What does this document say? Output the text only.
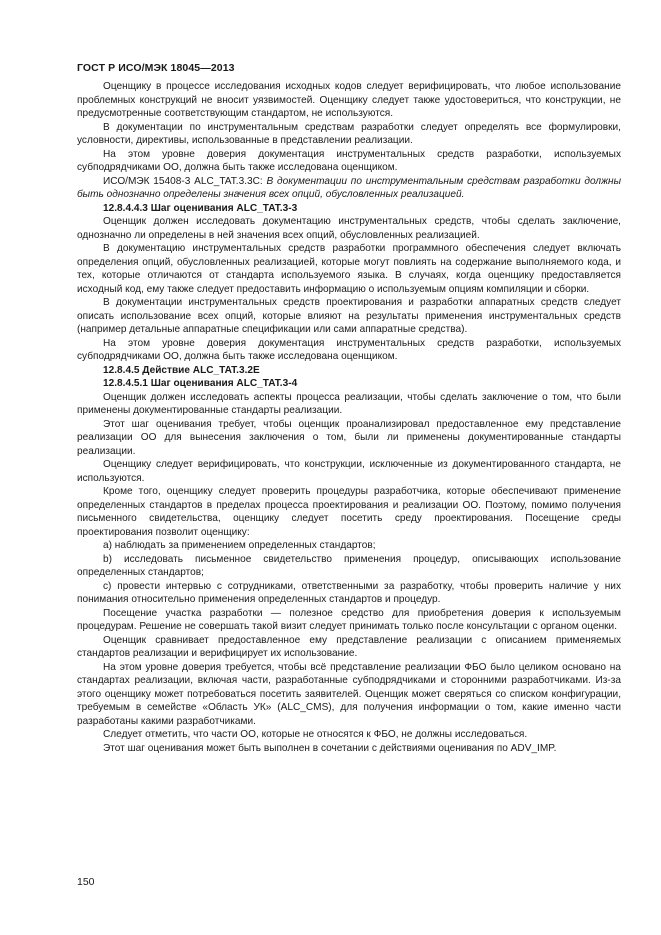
ГОСТ Р ИСО/МЭК 18045—2013

Оценщику в процессе исследования исходных кодов следует верифицировать, что любое использование проблемных конструкций не вносит уязвимостей. Оценщику следует также удостовериться, что конструкции, не предусмотренные соответствующим стандартом, не используются.

В документации по инструментальным средствам разработки следует определять все формулировки, условности, директивы, использованные в представлении реализации.

На этом уровне доверия документация инструментальных средств разработки, используемых субподрядчиками ОО, должна быть также исследована оценщиком.

ИСО/МЭК 15408-3 ALC_TAT.3.3C: В документации по инструментальным средствам разработки должны быть однозначно определены значения всех опций, обусловленных реализацией.

12.8.4.4.3 Шаг оценивания ALC_TAT.3-3

Оценщик должен исследовать документацию инструментальных средств, чтобы сделать заключение, однозначно ли определены в ней значения всех опций, обусловленных реализацией.

В документацию инструментальных средств разработки программного обеспечения следует включать определения опций, обусловленных реализацией, которые могут повлиять на содержание выполняемого кода, и тех, которые отличаются от стандарта используемого языка. В случаях, когда оценщику предоставляется исходный код, ему также следует предоставить информацию о используемым опциям компиляции и сборки.

В документации инструментальных средств проектирования и разработки аппаратных средств следует описать использование всех опций, которые влияют на результаты применения инструментальных средств (например детальные аппаратные спецификации или сами аппаратные средства).

На этом уровне доверия документация инструментальных средств разработки, используемых субподрядчиками ОО, должна быть также исследована оценщиком.

12.8.4.5 Действие ALC_TAT.3.2E

12.8.4.5.1 Шаг оценивания ALC_TAT.3-4

Оценщик должен исследовать аспекты процесса реализации, чтобы сделать заключение о том, что были применены документированные стандарты реализации.

Этот шаг оценивания требует, чтобы оценщик проанализировал предоставленное ему представление реализации ОО для вынесения заключения о том, были ли применены документированные стандарты реализации.

Оценщику следует верифицировать, что конструкции, исключенные из документированного стандарта, не используются.

Кроме того, оценщику следует проверить процедуры разработчика, которые обеспечивают применение определенных стандартов в пределах процесса проектирования и реализации ОО. Поэтому, помимо получения письменного свидетельства, оценщику следует посетить среду проектирования. Посещение среды проектирования позволит оценщику:

a) наблюдать за применением определенных стандартов;

b) исследовать письменное свидетельство применения процедур, описывающих использование определенных стандартов;

c) провести интервью с сотрудниками, ответственными за разработку, чтобы проверить наличие у них понимания относительно применения определенных стандартов и процедур.

Посещение участка разработки — полезное средство для приобретения доверия к используемым процедурам. Решение не совершать такой визит следует принимать только после консультации с органом оценки.

Оценщик сравнивает предоставленное ему представление реализации с описанием применяемых стандартов реализации и верифицирует их использование.

На этом уровне доверия требуется, чтобы всё представление реализации ФБО было целиком основано на стандартах реализации, включая части, разработанные субподрядчиками и сторонними разработчиками. Из-за этого оценщику может потребоваться посетить заявителей. Оценщик может сверяться со списком конфигурации, требуемым в семействе «Область УК» (ALC_CMS), для получения информации о том, какие именно части разработаны какими разработчиками.

Следует отметить, что части ОО, которые не относятся к ФБО, не должны исследоваться.

Этот шаг оценивания может быть выполнен в сочетании с действиями оценивания по ADV_IMP.

150
